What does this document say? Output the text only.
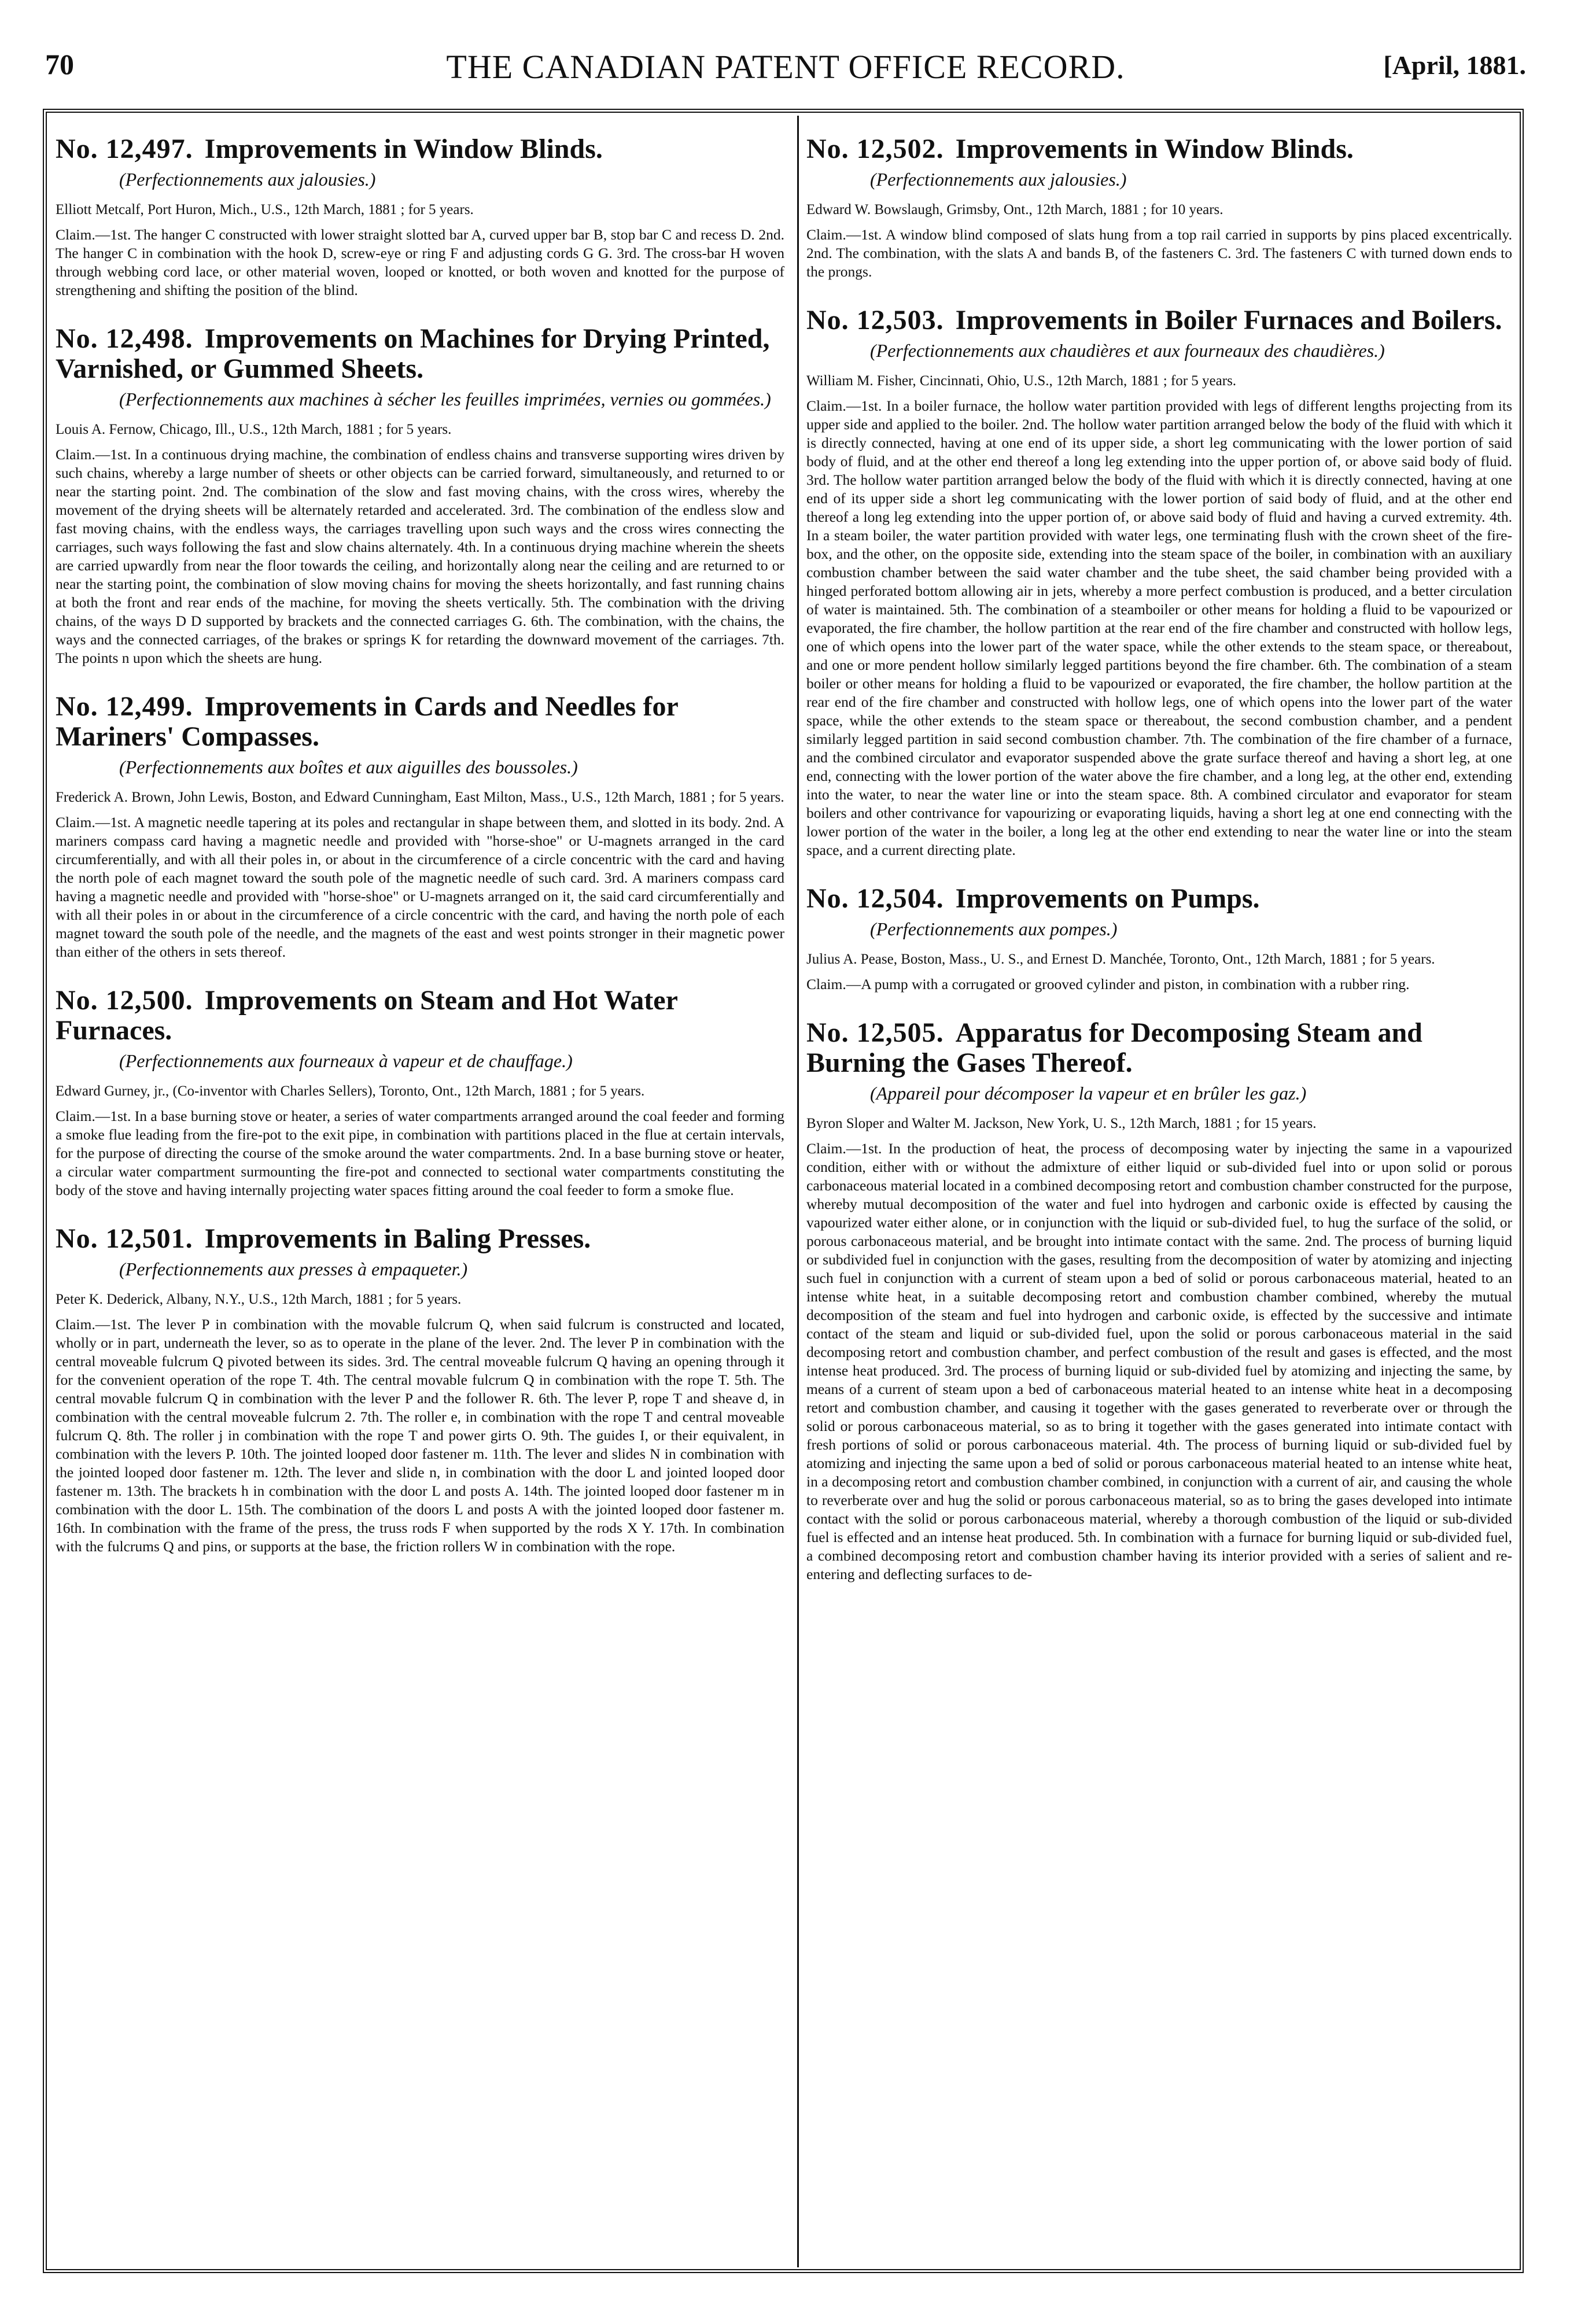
70	THE CANADIAN PATENT OFFICE RECORD.	[April, 1881.
No. 12,497. Improvements in Window Blinds.
(Perfectionnements aux jalousies.)
Elliott Metcalf, Port Huron, Mich., U.S., 12th March, 1881 ; for 5 years.

Claim.—1st. The hanger C constructed with lower straight slotted bar A, curved upper bar B, stop bar C and recess D. 2nd. The hanger C in combination with the hook D, screw-eye or ring F and adjusting cords G G. 3rd. The cross-bar H woven through webbing cord lace, or other material woven, looped or knotted, or both woven and knotted for the purpose of strengthening and shifting the position of the blind.

No. 12,498. Improvements on Machines for Drying Printed, Varnished, or Gummed Sheets.
(Perfectionnements aux machines à sécher les feuilles imprimées, vernies ou gommées.)
Louis A. Fernow, Chicago, Ill., U.S., 12th March, 1881 ; for 5 years.

Claim.—1st. In a continuous drying machine, the combination of endless chains and transverse supporting wires driven by such chains, whereby a large number of sheets or other objects can be carried forward, simultaneously, and returned to or near the starting point. 2nd. The combination of the slow and fast moving chains, with the cross wires, whereby the movement of the drying sheets will be alternately retarded and accelerated. 3rd. The combination of the endless slow and fast moving chains, with the endless ways, the carriages travelling upon such ways and the cross wires connecting the carriages, such ways following the fast and slow chains alternately. 4th. In a continuous drying machine wherein the sheets are carried upwardly from near the floor towards the ceiling, and horizontally along near the ceiling and are returned to or near the starting point, the combination of slow moving chains for moving the sheets horizontally, and fast running chains at both the front and rear ends of the machine, for moving the sheets vertically. 5th. The combination with the driving chains, of the ways D D supported by brackets and the connected carriages G. 6th. The combination, with the chains, the ways and the connected carriages, of the brakes or springs K for retarding the downward movement of the carriages. 7th. The points n upon which the sheets are hung.

No. 12,499. Improvements in Cards and Needles for Mariners' Compasses.
(Perfectionnements aux boîtes et aux aiguilles des boussoles.)
Frederick A. Brown, John Lewis, Boston, and Edward Cunningham, East Milton, Mass., U.S., 12th March, 1881 ; for 5 years.

Claim.—1st. A magnetic needle tapering at its poles and rectangular in shape between them, and slotted in its body. 2nd. A mariners compass card having a magnetic needle and provided with "horse-shoe" or U-magnets arranged in the card circumferentially, and with all their poles in, or about in the circumference of a circle concentric with the card and having the north pole of each magnet toward the south pole of the magnetic needle of such card. 3rd. A mariners compass card having a magnetic needle and provided with "horse-shoe" or U-magnets arranged on it, the said card circumferentially and with all their poles in or about in the circumference of a circle concentric with the card, and having the north pole of each magnet toward the south pole of the needle, and the magnets of the east and west points stronger in their magnetic power than either of the others in sets thereof.

No. 12,500. Improvements on Steam and Hot Water Furnaces.
(Perfectionnements aux fourneaux à vapeur et de chauffage.)
Edward Gurney, jr., (Co-inventor with Charles Sellers), Toronto, Ont., 12th March, 1881 ; for 5 years.

Claim.—1st. In a base burning stove or heater, a series of water compartments arranged around the coal feeder and forming a smoke flue leading from the fire-pot to the exit pipe, in combination with partitions placed in the flue at certain intervals, for the purpose of directing the course of the smoke around the water compartments. 2nd. In a base burning stove or heater, a circular water compartment surmounting the fire-pot and connected to sectional water compartments constituting the body of the stove and having internally projecting water spaces fitting around the coal feeder to form a smoke flue.

No. 12,501. Improvements in Baling Presses.
(Perfectionnements aux presses à empaqueter.)
Peter K. Dederick, Albany, N.Y., U.S., 12th March, 1881 ; for 5 years.

Claim.—1st. The lever P in combination with the movable fulcrum Q, when said fulcrum is constructed and located, wholly or in part, underneath the lever, so as to operate in the plane of the lever. 2nd. The lever P in combination with the central moveable fulcrum Q pivoted between its sides. 3rd. The central moveable fulcrum Q having an opening through it for the convenient operation of the rope T. 4th. The central movable fulcrum Q in combination with the rope T. 5th. The central movable fulcrum Q in combination with the lever P and the follower R. 6th. The lever P, rope T and sheave d, in combination with the central moveable fulcrum 2. 7th. The roller e, in combination with the rope T and central moveable fulcrum Q. 8th. The roller j in combination with the rope T and power girts O. 9th. The guides I, or their equivalent, in combination with the levers P. 10th. The jointed looped door fastener m. 11th. The lever and slides N in combination with the jointed looped door fastener m. 12th. The lever and slide n, in combination with the door L and jointed looped door fastener m. 13th. The brackets h in combination with the door L and posts A. 14th. The jointed looped door fastener m in combination with the door L. 15th. The combination of the doors L and posts A with the jointed looped door fastener m. 16th. In combination with the frame of the press, the truss rods F when supported by the rods X Y. 17th. In combination with the fulcrums Q and pins, or supports at the base, the friction rollers W in combination with the rope.

No. 12,502. Improvements in Window Blinds.
(Perfectionnements aux jalousies.)
Edward W. Bowslaugh, Grimsby, Ont., 12th March, 1881 ; for 10 years.

Claim.—1st. A window blind composed of slats hung from a top rail carried in supports by pins placed excentrically. 2nd. The combination, with the slats A and bands B, of the fasteners C. 3rd. The fasteners C with turned down ends to the prongs.

No. 12,503. Improvements in Boiler Furnaces and Boilers.
(Perfectionnements aux chaudières et aux fourneaux des chaudières.)
William M. Fisher, Cincinnati, Ohio, U.S., 12th March, 1881 ; for 5 years.

Claim.—1st. In a boiler furnace, the hollow water partition provided with legs of different lengths projecting from its upper side and applied to the boiler. 2nd. The hollow water partition arranged below the body of the fluid with which it is directly connected, having at one end of its upper side, a short leg communicating with the lower portion of said body of fluid, and at the other end thereof a long leg extending into the upper portion of, or above said body of fluid. 3rd. The hollow water partition arranged below the body of the fluid with which it is directly connected, having at one end of its upper side a short leg communicating with the lower portion of said body of fluid, and at the other end thereof a long leg extending into the upper portion of, or above said body of fluid and having a curved extremity. 4th. In a steam boiler, the water partition provided with water legs, one terminating flush with the crown sheet of the fire-box, and the other, on the opposite side, extending into the steam space of the boiler, in combination with an auxiliary combustion chamber between the said water chamber and the tube sheet, the said chamber being provided with a hinged perforated bottom allowing air in jets, whereby a more perfect combustion is produced, and a better circulation of water is maintained. 5th. The combination of a steamboiler or other means for holding a fluid to be vapourized or evaporated, the fire chamber, the hollow partition at the rear end of the fire chamber and constructed with hollow legs, one of which opens into the lower part of the water space, while the other extends to the steam space, or thereabout, and one or more pendent hollow similarly legged partitions beyond the fire chamber. 6th. The combination of a steam boiler or other means for holding a fluid to be vapourized or evaporated, the fire chamber, the hollow partition at the rear end of the fire chamber and constructed with hollow legs, one of which opens into the lower part of the water space, while the other extends to the steam space or thereabout, the second combustion chamber, and a pendent similarly legged partition in said second combustion chamber. 7th. The combination of the fire chamber of a furnace, and the combined circulator and evaporator suspended above the grate surface thereof and having a short leg, at one end, connecting with the lower portion of the water above the fire chamber, and a long leg, at the other end, extending into the water, to near the water line or into the steam space. 8th. A combined circulator and evaporator for steam boilers and other contrivance for vapourizing or evaporating liquids, having a short leg at one end connecting with the lower portion of the water in the boiler, a long leg at the other end extending to near the water line or into the steam space, and a current directing plate.

No. 12,504. Improvements on Pumps.
(Perfectionnements aux pompes.)
Julius A. Pease, Boston, Mass., U. S., and Ernest D. Manchée, Toronto, Ont., 12th March, 1881 ; for 5 years.

Claim.—A pump with a corrugated or grooved cylinder and piston, in combination with a rubber ring.

No. 12,505. Apparatus for Decomposing Steam and Burning the Gases Thereof.
(Appareil pour décomposer la vapeur et en brûler les gaz.)
Byron Sloper and Walter M. Jackson, New York, U. S., 12th March, 1881 ; for 15 years.

Claim.—1st. In the production of heat, the process of decomposing water by injecting the same in a vapourized condition, either with or without the admixture of either liquid or sub-divided fuel into or upon solid or porous carbonaceous material located in a combined decomposing retort and combustion chamber constructed for the purpose, whereby mutual decomposition of the water and fuel into hydrogen and carbonic oxide is effected by causing the vapourized water either alone, or in conjunction with the liquid or sub-divided fuel, to hug the surface of the solid, or porous carbonaceous material, and be brought into intimate contact with the same. 2nd. The process of burning liquid or subdivided fuel in conjunction with the gases, resulting from the decomposition of water by atomizing and injecting such fuel in conjunction with a current of steam upon a bed of solid or porous carbonaceous material, heated to an intense white heat, in a suitable decomposing retort and combustion chamber combined, whereby the mutual decomposition of the steam and fuel into hydrogen and carbonic oxide, is effected by the successive and intimate contact of the steam and liquid or sub-divided fuel, upon the solid or porous carbonaceous material in the said decomposing retort and combustion chamber, and perfect combustion of the result and gases is effected, and the most intense heat produced. 3rd. The process of burning liquid or sub-divided fuel by atomizing and injecting the same, by means of a current of steam upon a bed of carbonaceous material heated to an intense white heat in a decomposing retort and combustion chamber, and causing it together with the gases generated to reverberate over or through the solid or porous carbonaceous material, so as to bring it together with the gases generated into intimate contact with fresh portions of solid or porous carbonaceous material. 4th. The process of burning liquid or sub-divided fuel by atomizing and injecting the same upon a bed of solid or porous carbonaceous material heated to an intense white heat, in a decomposing retort and combustion chamber combined, in conjunction with a current of air, and causing the whole to reverberate over and hug the solid or porous carbonaceous material, so as to bring the gases developed into intimate contact with the solid or porous carbonaceous material, whereby a thorough combustion of the liquid or sub-divided fuel is effected and an intense heat produced. 5th. In combination with a furnace for burning liquid or sub-divided fuel, a combined decomposing retort and combustion chamber having its interior provided with a series of salient and re-entering and deflecting surfaces to de-
